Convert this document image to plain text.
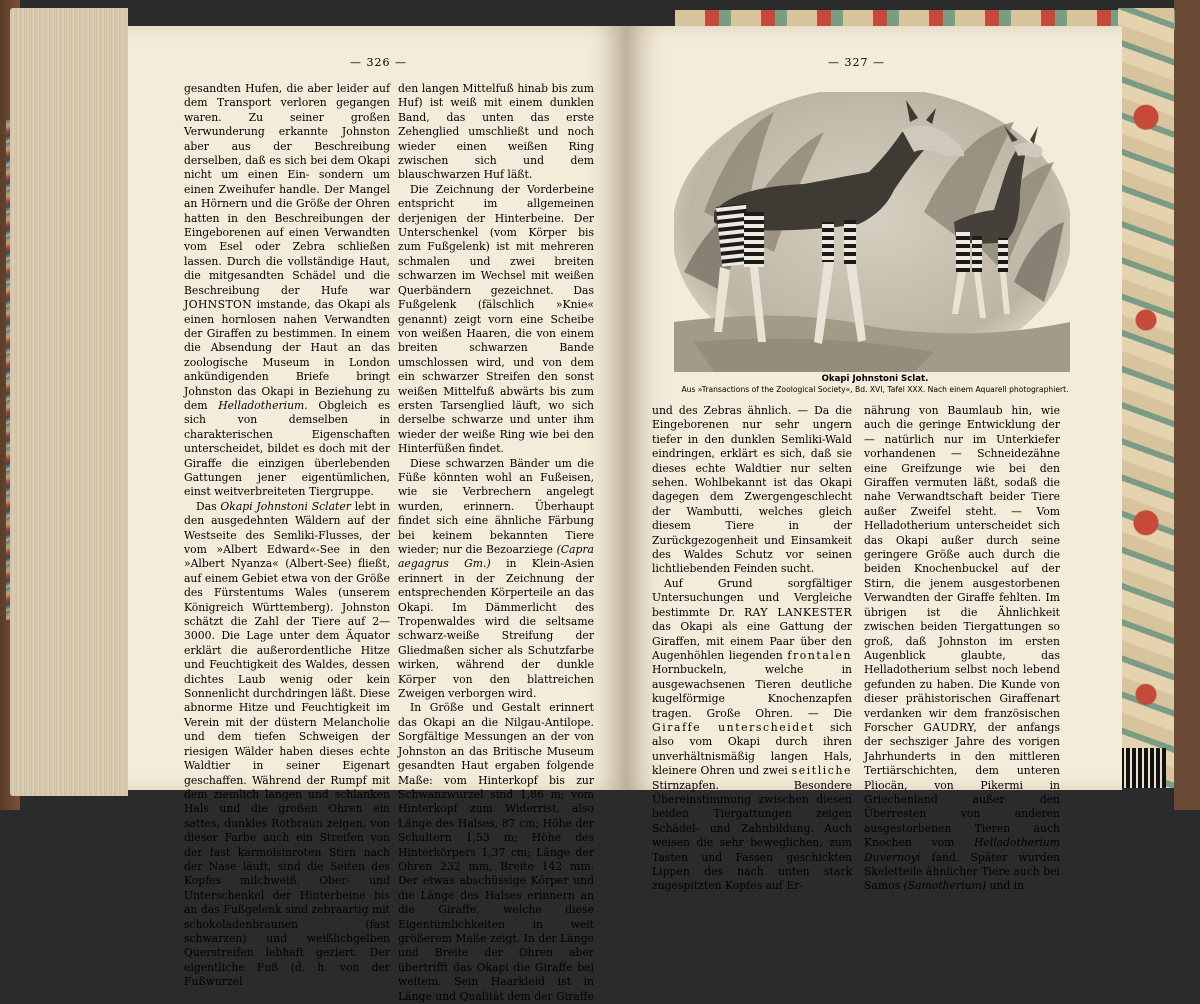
— 326 —

gesandten Hufen, die aber leider auf dem Transport verloren gegangen waren. Zu seiner großen Verwunderung erkannte Johnston aber aus der Beschreibung derselben, daß es sich bei dem Okapi nicht um einen Ein- sondern um einen Zweihufer handle. Der Mangel an Hörnern und die Größe der Ohren hatten in den Beschreibungen der Eingeborenen auf einen Verwandten vom Esel oder Zebra schließen lassen. Durch die vollständige Haut, die mitgesandten Schädel und die Beschreibung der Hufe war JOHNSTON imstande, das Okapi als einen hornlosen nahen Verwandten der Giraffen zu bestimmen. In einem die Absendung der Haut an das zoologische Museum in London ankündigenden Briefe bringt Johnston das Okapi in Beziehung zu dem Helladotherium. Obgleich es sich von demselben in charakterischen Eigenschaften unterscheidet, bildet es doch mit der Giraffe die einzigen überlebenden Gattungen jener eigentümlichen, einst weitverbreiteten Tiergruppe.

Das Okapi Johnstoni Sclater lebt in den ausgedehnten Wäldern auf der Westseite des Semliki-Flusses, der vom »Albert Edward«-See in den »Albert Nyanza« (Albert-See) fließt, auf einem Gebiet etwa von der Größe des Fürstentums Wales (unserem Königreich Württemberg). Johnston schätzt die Zahl der Tiere auf 2—3000. Die Lage unter dem Äquator erklärt die außerordentliche Hitze und Feuchtigkeit des Waldes, dessen dichtes Laub wenig oder kein Sonnenlicht durchdringen läßt. Diese abnorme Hitze und Feuchtigkeit im Verein mit der düstern Melancholie und dem tiefen Schweigen der riesigen Wälder haben dieses echte Waldtier in seiner Eigenart geschaffen. Während der Rumpf mit dem ziemlich langen und schlanken Hals und die großen Ohren ein sattes, dunkles Rotbraun zeigen, von dieser Farbe auch ein Streifen von der fast karmoisinroten Stirn nach der Nase läuft, sind die Seiten des Kopfes milchweiß. Ober- und Unterschenkel der Hinterbeine bis an das Fußgelenk sind zebraartig mit schokoladenbraunen (fast schwarzen) und weißlichgelben Querstreifen lebhaft geziert. Der eigentliche Fuß (d. h. von der Fußwurzel

den langen Mittelfuß hinab bis zum Huf) ist weiß mit einem dunklen Band, das unten das erste Zehenglied umschließt und noch wieder einen weißen Ring zwischen sich und dem blauschwarzen Huf läßt.

Die Zeichnung der Vorderbeine entspricht im allgemeinen derjenigen der Hinterbeine. Der Unterschenkel (vom Körper bis zum Fußgelenk) ist mit mehreren schmalen und zwei breiten schwarzen im Wechsel mit weißen Querbändern gezeichnet. Das Fußgelenk (fälschlich »Knie« genannt) zeigt vorn eine Scheibe von weißen Haaren, die von einem breiten schwarzen Bande umschlossen wird, und von dem ein schwarzer Streifen den sonst weißen Mittelfuß abwärts bis zum ersten Tarsenglied läuft, wo sich derselbe schwarze und unter ihm wieder der weiße Ring wie bei den Hinterfüßen findet.

Diese schwarzen Bänder um die Füße könnten wohl an Fußeisen, wie sie Verbrechern angelegt wurden, erinnern. Überhaupt findet sich eine ähnliche Färbung bei keinem bekannten Tiere wieder; nur die Bezoarziege (Capra aegagrus Gm.) in Klein-Asien erinnert in der Zeichnung der entsprechenden Körperteile an das Okapi. Im Dämmerlicht des Tropenwaldes wird die seltsame schwarz-weiße Streifung der Gliedmaßen sicher als Schutzfarbe wirken, während der dunkle Körper von den blattreichen Zweigen verborgen wird.

In Größe und Gestalt erinnert das Okapi an die Nilgau-Antilope. Sorgfältige Messungen an der von Johnston an das Britische Museum gesandten Haut ergaben folgende Maße: vom Hinterkopf bis zur Schwanzwurzel sind 1,86 m; vom Hinterkopf zum Widerrist, also Länge des Halses, 87 cm; Höhe der Schultern 1,53 m; Höhe des Hinterkörpers 1,37 cm; Länge der Ohren 232 mm, Breite 142 mm. Der etwas abschüssige Körper und die Länge des Halses erinnern an die Giraffe, welche diese Eigentümlichkeiten in weit größerem Maße zeigt. In der Länge und Breite der Ohren aber übertrifft das Okapi die Giraffe bei weitem. Sein Haarkleid ist in Länge und Qualität dem der Giraffe

— 327 —
Okapi Johnstoni Sclat.
Aus »Transactions of the Zoological Society«, Bd. XVI, Tafel XXX. Nach einem Aquarell photographiert.

und des Zebras ähnlich. — Da die Eingeborenen nur sehr ungern tiefer in den dunklen Semliki-Wald eindringen, erklärt es sich, daß sie dieses echte Waldtier nur selten sehen. Wohlbekannt ist das Okapi dagegen dem Zwergengeschlecht der Wambutti, welches gleich diesem Tiere in der Zurückgezogenheit und Einsamkeit des Waldes Schutz vor seinen lichtliebenden Feinden sucht.

Auf Grund sorgfältiger Untersuchungen und Vergleiche bestimmte Dr. RAY LANKESTER das Okapi als eine Gattung der Giraffen, mit einem Paar über den Augenhöhlen liegenden frontalen Hornbuckeln, welche in ausgewachsenen Tieren deutliche kugelförmige Knochenzapfen tragen. Große Ohren. — Die Giraffe unterscheidet sich also vom Okapi durch ihren unverhältnismäßig langen Hals, kleinere Ohren und zwei seitliche Stirnzapfen. Besondere Übereinstimmung zwischen diesen beiden Tiergattungen zeigen Schädel- und Zahnbildung. Auch weisen die sehr beweglichen, zum Tasten und Fassen geschickten Lippen des nach unten stark zugespitzten Kopfes auf Er-

nährung von Baumlaub hin, wie auch die geringe Entwicklung der — natürlich nur im Unterkiefer vorhandenen — Schneidezähne eine Greifzunge wie bei den Giraffen vermuten läßt, sodaß die nahe Verwandtschaft beider Tiere außer Zweifel steht. — Vom Helladotherium unterscheidet sich das Okapi außer durch seine geringere Größe auch durch die beiden Knochenbuckel auf der Stirn, die jenem ausgestorbenen Verwandten der Giraffe fehlten. Im übrigen ist die Ähnlichkeit zwischen beiden Tiergattungen so groß, daß Johnston im ersten Augenblick glaubte, das Helladotherium selbst noch lebend gefunden zu haben. Die Kunde von dieser prähistorischen Giraffenart verdanken wir dem französischen Forscher GAUDRY, der anfangs der sechsziger Jahre des vorigen Jahrhunderts in den mittleren Tertiärschichten, dem unteren Pliocän, von Pikermi in Griechenland außer den Überresten von anderen ausgestorbenen Tieren auch Knochen vom Helladotherium Duvernoyi fand. Später wurden Skeletteile ähnlicher Tiere auch bei Samos (Samotherium) und in
